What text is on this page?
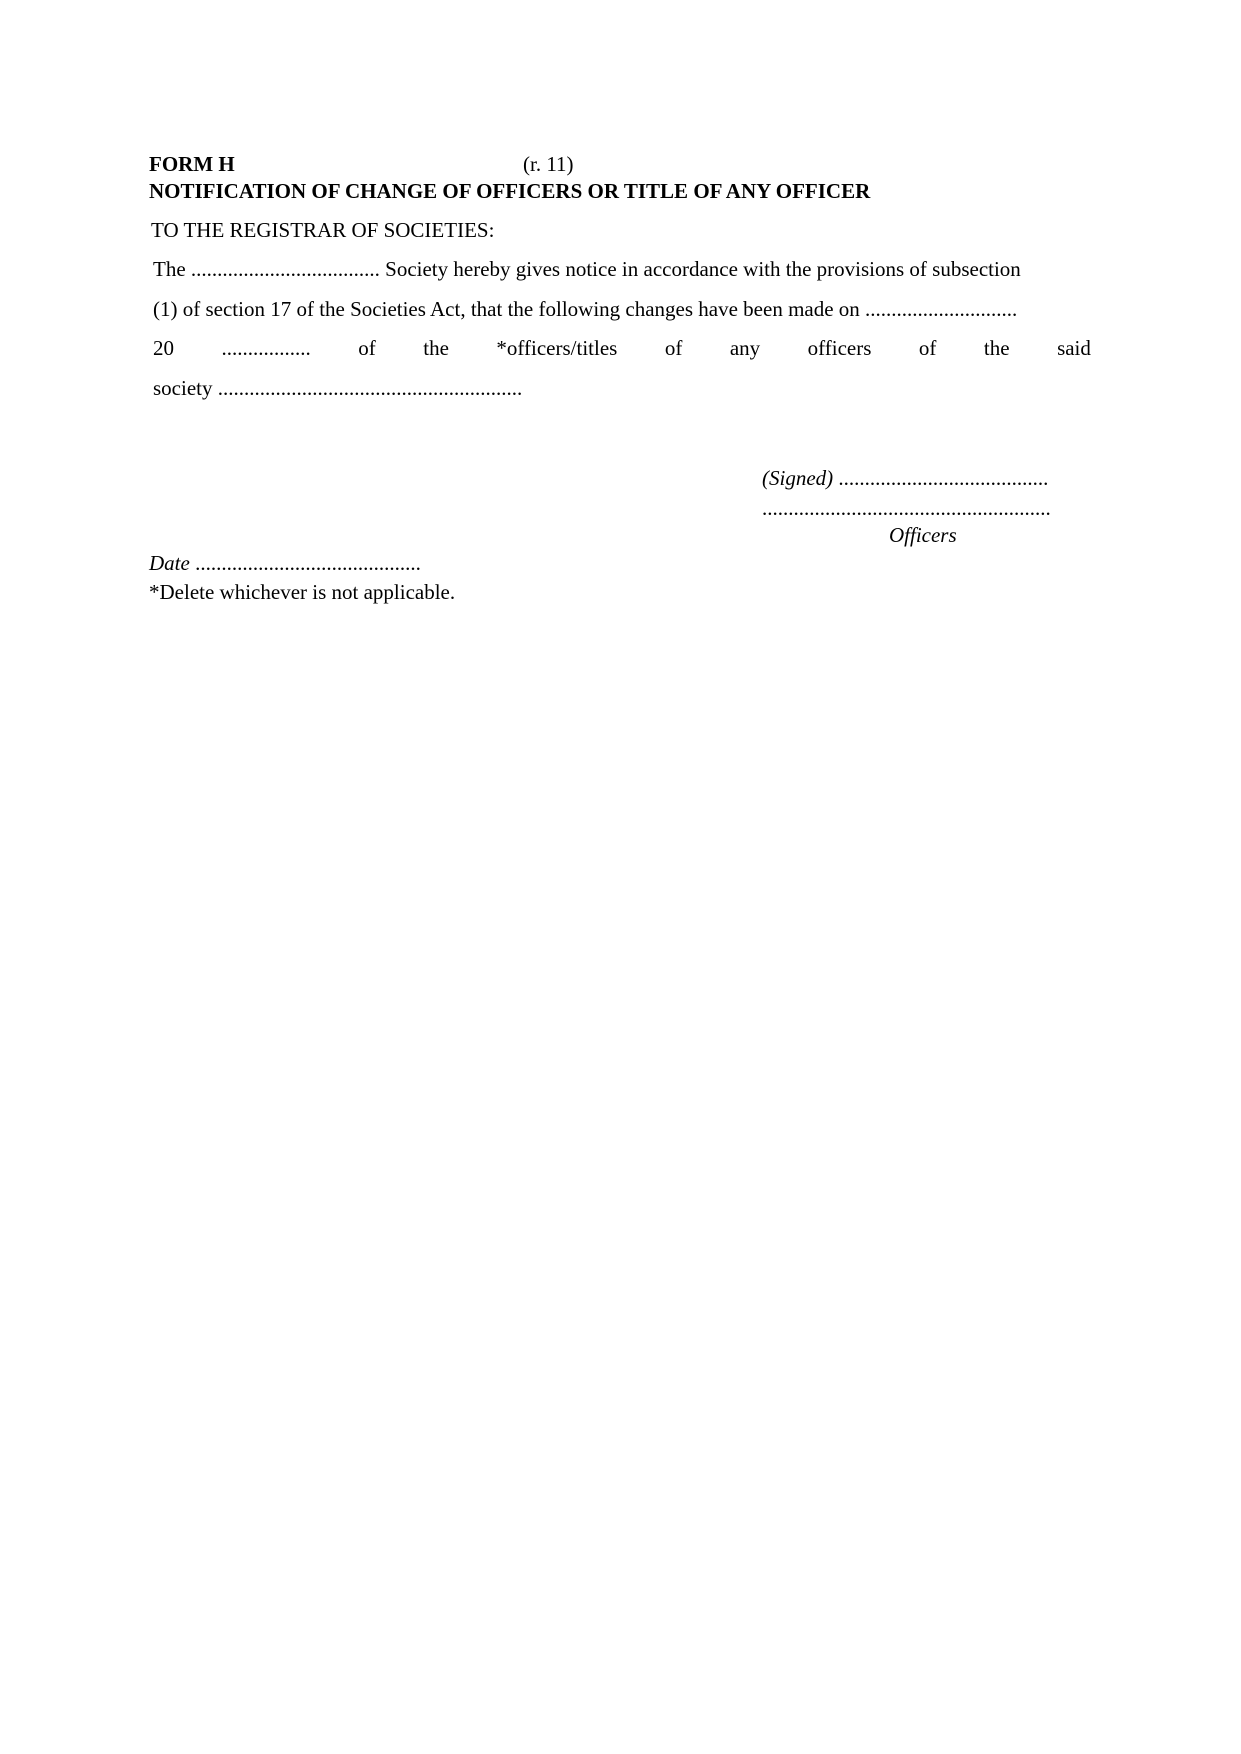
FORM H	(r. 11)
NOTIFICATION OF CHANGE OF OFFICERS OR TITLE OF ANY OFFICER
TO THE REGISTRAR OF SOCIETIES:
The .................................... Society hereby gives notice in accordance with the provisions of subsection
(1) of section 17 of the Societies Act, that the following changes have been made on .............................
20 ................. of the *officers/titles of any officers of the said
society ..........................................................
(Signed) ........................................
.......................................................
Officers
Date ...........................................
*Delete whichever is not applicable.
